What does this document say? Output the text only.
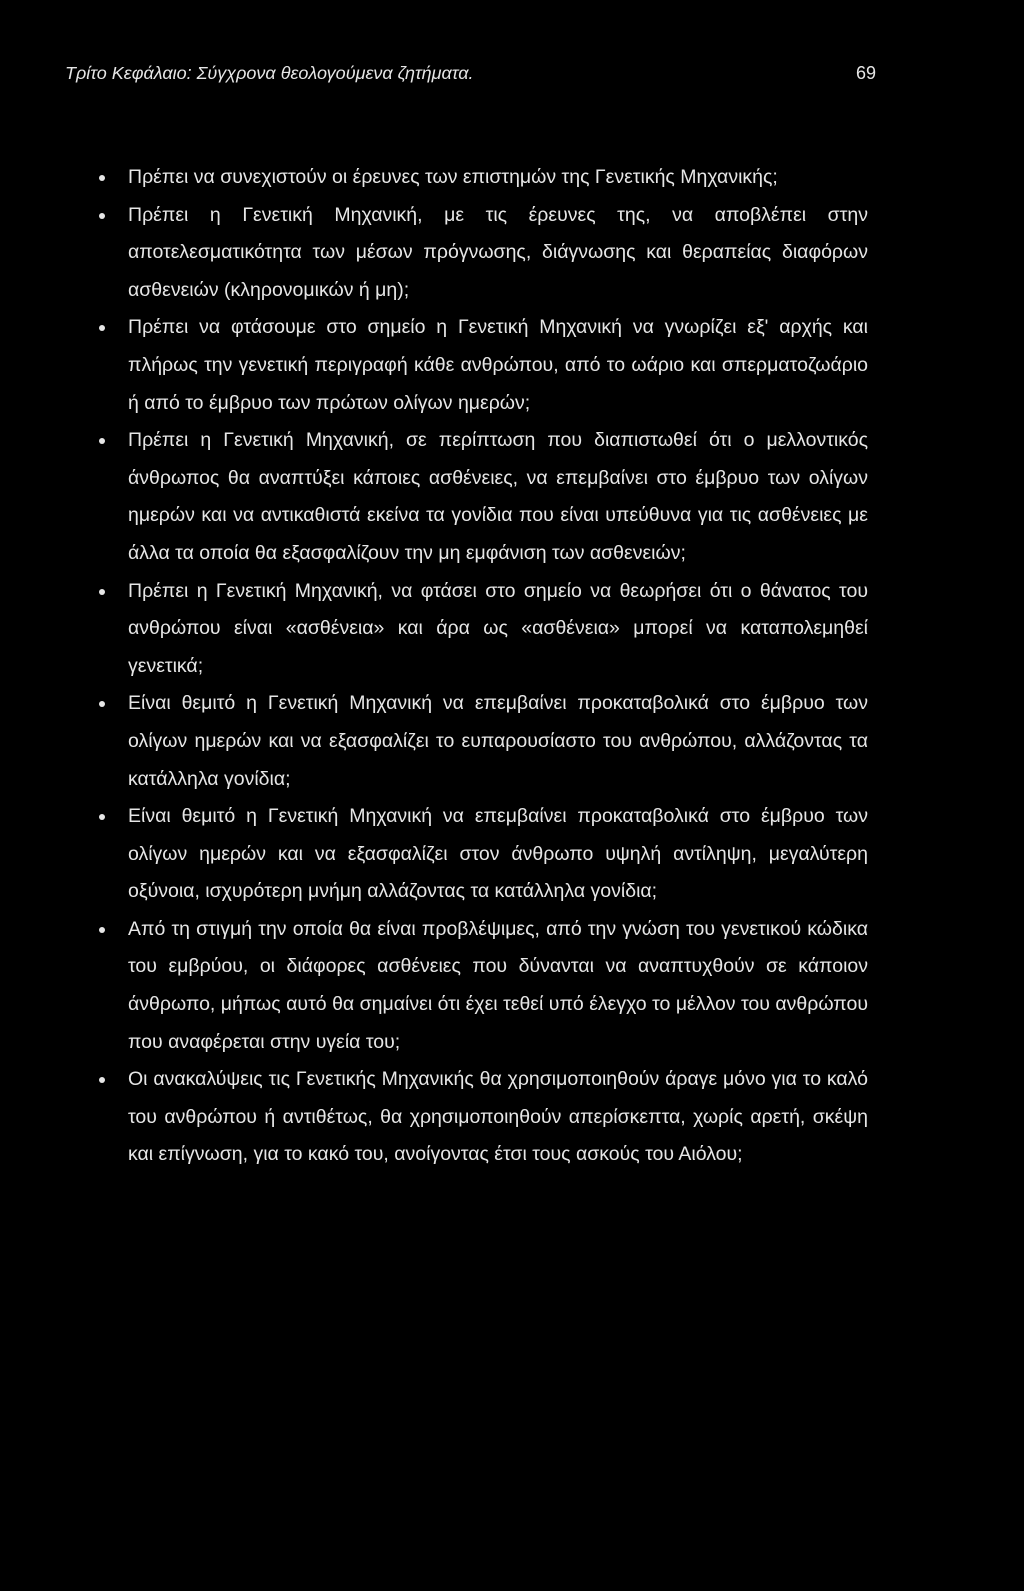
Τρίτο Κεφάλαιο: Σύγχρονα θεολογούμενα ζητήματα.	69
Πρέπει να συνεχιστούν οι έρευνες των επιστημών της Γενετικής Μηχανικής;
Πρέπει η Γενετική Μηχανική, με τις έρευνες της, να αποβλέπει στην αποτελεσματικότητα των μέσων πρόγνωσης, διάγνωσης και θεραπείας διαφόρων ασθενειών (κληρονομικών ή μη);
Πρέπει να φτάσουμε στο σημείο η Γενετική Μηχανική να γνωρίζει εξ' αρχής και πλήρως την γενετική περιγραφή κάθε ανθρώπου, από το ωάριο και σπερματοζωάριο ή από το έμβρυο των πρώτων ολίγων ημερών;
Πρέπει η Γενετική Μηχανική, σε περίπτωση που διαπιστωθεί ότι ο μελλοντικός άνθρωπος θα αναπτύξει κάποιες ασθένειες, να επεμβαίνει στο έμβρυο των ολίγων ημερών και να αντικαθιστά εκείνα τα γονίδια που είναι υπεύθυνα για τις ασθένειες με άλλα τα οποία θα εξασφαλίζουν την μη εμφάνιση των ασθενειών;
Πρέπει η Γενετική Μηχανική, να φτάσει στο σημείο να θεωρήσει ότι ο θάνατος του ανθρώπου είναι «ασθένεια» και άρα ως «ασθένεια» μπορεί να καταπολεμηθεί γενετικά;
Είναι θεμιτό η Γενετική Μηχανική να επεμβαίνει προκαταβολικά στο έμβρυο των ολίγων ημερών και να εξασφαλίζει το ευπαρουσίαστο του ανθρώπου, αλλάζοντας τα κατάλληλα γονίδια;
Είναι θεμιτό η Γενετική Μηχανική να επεμβαίνει προκαταβολικά στο έμβρυο των ολίγων ημερών και να εξασφαλίζει στον άνθρωπο υψηλή αντίληψη, μεγαλύτερη οξύνοια, ισχυρότερη μνήμη αλλάζοντας τα κατάλληλα γονίδια;
Από τη στιγμή την οποία θα είναι προβλέψιμες, από την γνώση του γενετικού κώδικα του εμβρύου, οι διάφορες ασθένειες που δύνανται να αναπτυχθούν σε κάποιον άνθρωπο, μήπως αυτό θα σημαίνει ότι έχει τεθεί υπό έλεγχο το μέλλον του ανθρώπου που αναφέρεται στην υγεία του;
Οι ανακαλύψεις τις Γενετικής Μηχανικής θα χρησιμοποιηθούν άραγε μόνο για το καλό του ανθρώπου ή αντιθέτως, θα χρησιμοποιηθούν απερίσκεπτα, χωρίς αρετή, σκέψη και επίγνωση, για το κακό του, ανοίγοντας έτσι τους ασκούς του Αιόλου;
